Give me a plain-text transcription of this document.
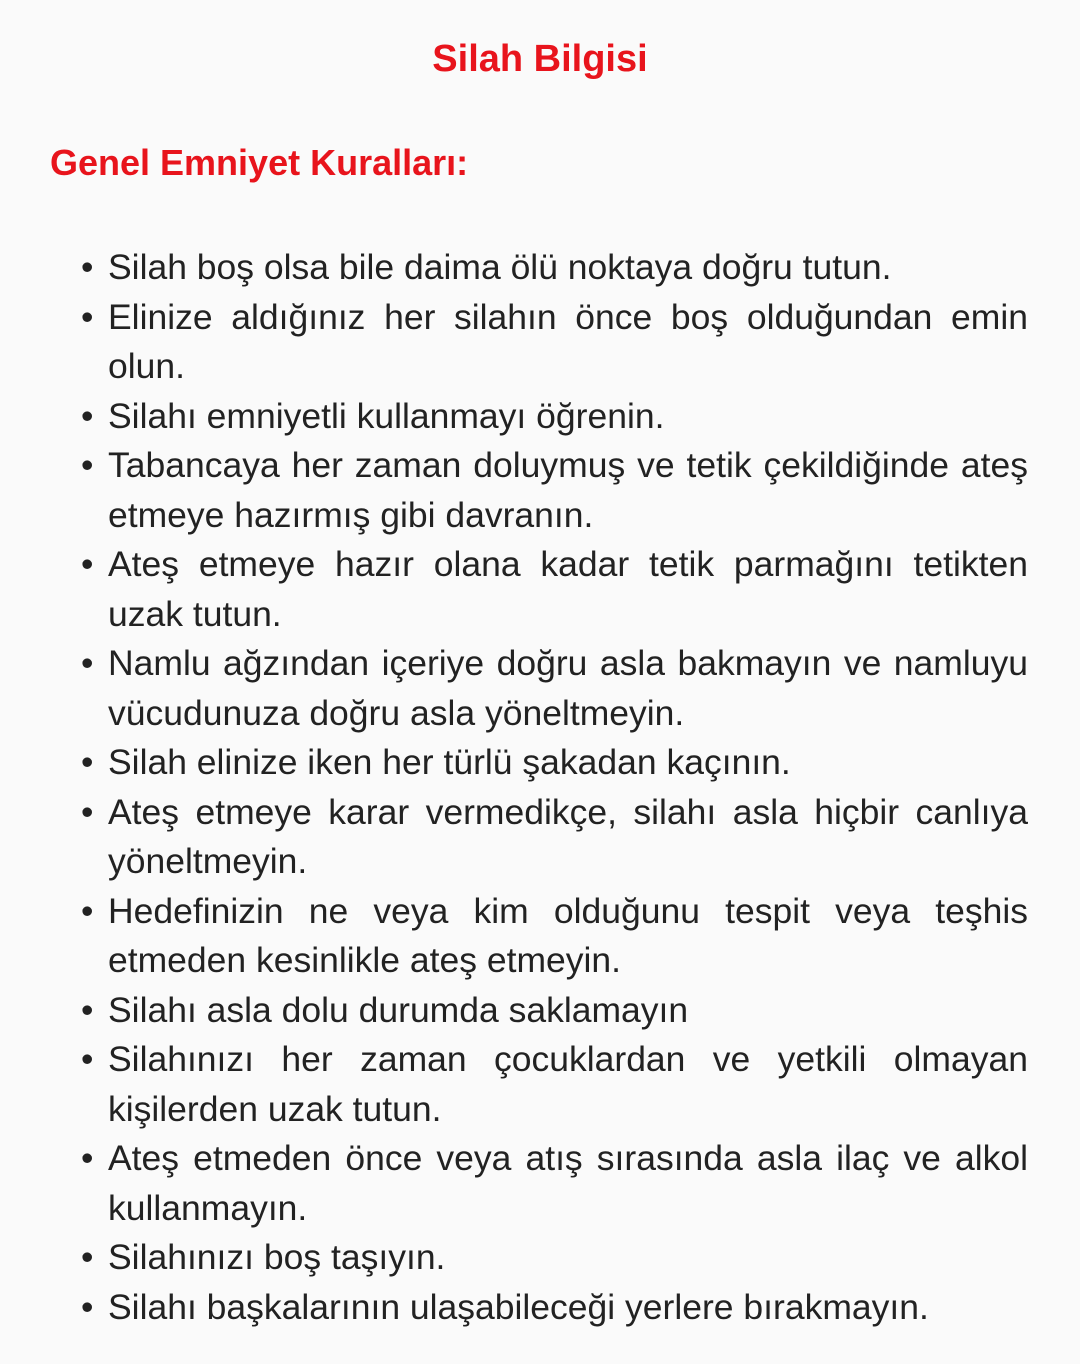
Silah Bilgisi
Genel Emniyet Kuralları:
• Silah boş olsa bile daima ölü noktaya doğru tutun.
• Elinize aldığınız her silahın önce boş olduğundan emin olun.
• Silahı emniyetli kullanmayı öğrenin.
• Tabancaya her zaman doluymuş ve tetik çekildiğinde ateş etmeye hazırmış gibi davranın.
• Ateş etmeye hazır olana kadar tetik parmağını tetikten uzak tutun.
• Namlu ağzından içeriye doğru asla bakmayın ve namluyu vücudunuza doğru asla yöneltmeyin.
• Silah elinize iken her türlü şakadan kaçının.
• Ateş etmeye karar vermedikçe, silahı asla hiçbir canlıya yöneltmeyin.
• Hedefinizin ne veya kim olduğunu tespit veya teşhis etmeden kesinlikle ateş etmeyin.
• Silahı asla dolu durumda saklamayın
• Silahınızı her zaman çocuklardan ve yetkili olmayan kişilerden uzak tutun.
• Ateş etmeden önce veya atış sırasında asla ilaç ve alkol kullanmayın.
• Silahınızı boş taşıyın.
• Silahı başkalarının ulaşabileceği yerlere bırakmayın.
